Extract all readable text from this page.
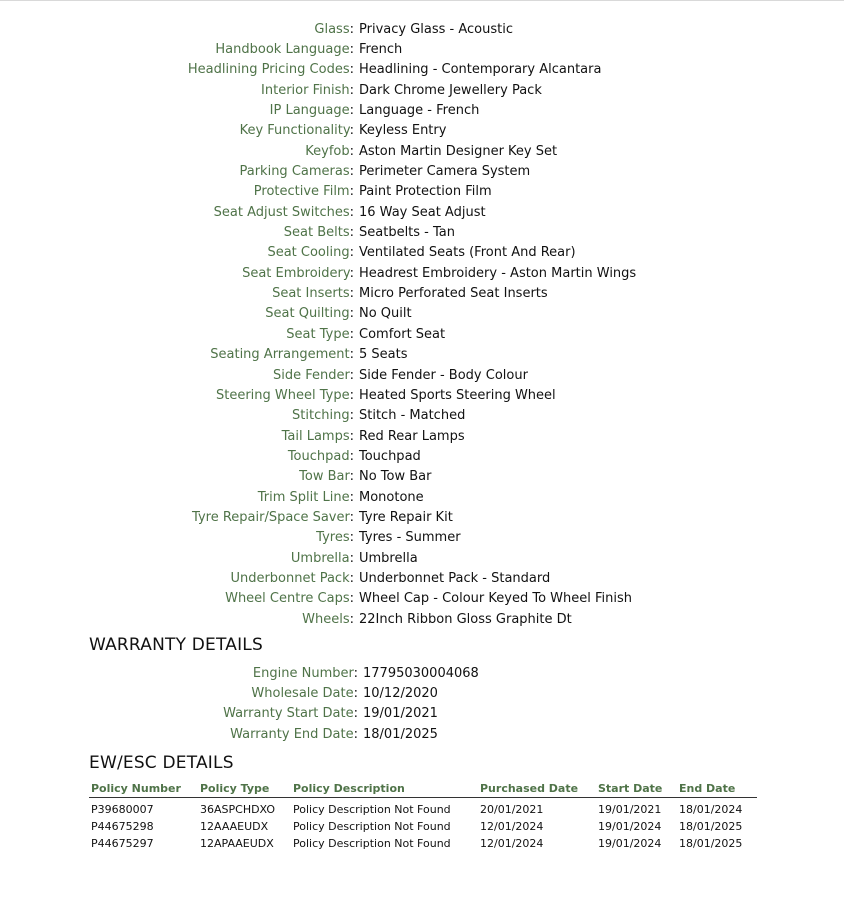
Glass: Privacy Glass - Acoustic
Handbook Language: French
Headlining Pricing Codes: Headlining - Contemporary Alcantara
Interior Finish: Dark Chrome Jewellery Pack
IP Language: Language - French
Key Functionality: Keyless Entry
Keyfob: Aston Martin Designer Key Set
Parking Cameras: Perimeter Camera System
Protective Film: Paint Protection Film
Seat Adjust Switches: 16 Way Seat Adjust
Seat Belts: Seatbelts - Tan
Seat Cooling: Ventilated Seats (Front And Rear)
Seat Embroidery: Headrest Embroidery - Aston Martin Wings
Seat Inserts: Micro Perforated Seat Inserts
Seat Quilting: No Quilt
Seat Type: Comfort Seat
Seating Arrangement: 5 Seats
Side Fender: Side Fender - Body Colour
Steering Wheel Type: Heated Sports Steering Wheel
Stitching: Stitch - Matched
Tail Lamps: Red Rear Lamps
Touchpad: Touchpad
Tow Bar: No Tow Bar
Trim Split Line: Monotone
Tyre Repair/Space Saver: Tyre Repair Kit
Tyres: Tyres - Summer
Umbrella: Umbrella
Underbonnet Pack: Underbonnet Pack - Standard
Wheel Centre Caps: Wheel Cap - Colour Keyed To Wheel Finish
Wheels: 22Inch Ribbon Gloss Graphite Dt
WARRANTY DETAILS
Engine Number: 17795030004068
Wholesale Date: 10/12/2020
Warranty Start Date: 19/01/2021
Warranty End Date: 18/01/2025
EW/ESC DETAILS
Policy Number	Policy Type	Policy Description	Purchased Date	Start Date	End Date
P39680007	36ASPCHDXO	Policy Description Not Found	20/01/2021	19/01/2021	18/01/2024
P44675298	12AAAEUDX	Policy Description Not Found	12/01/2024	19/01/2024	18/01/2025
P44675297	12APAAEUDX	Policy Description Not Found	12/01/2024	19/01/2024	18/01/2025
